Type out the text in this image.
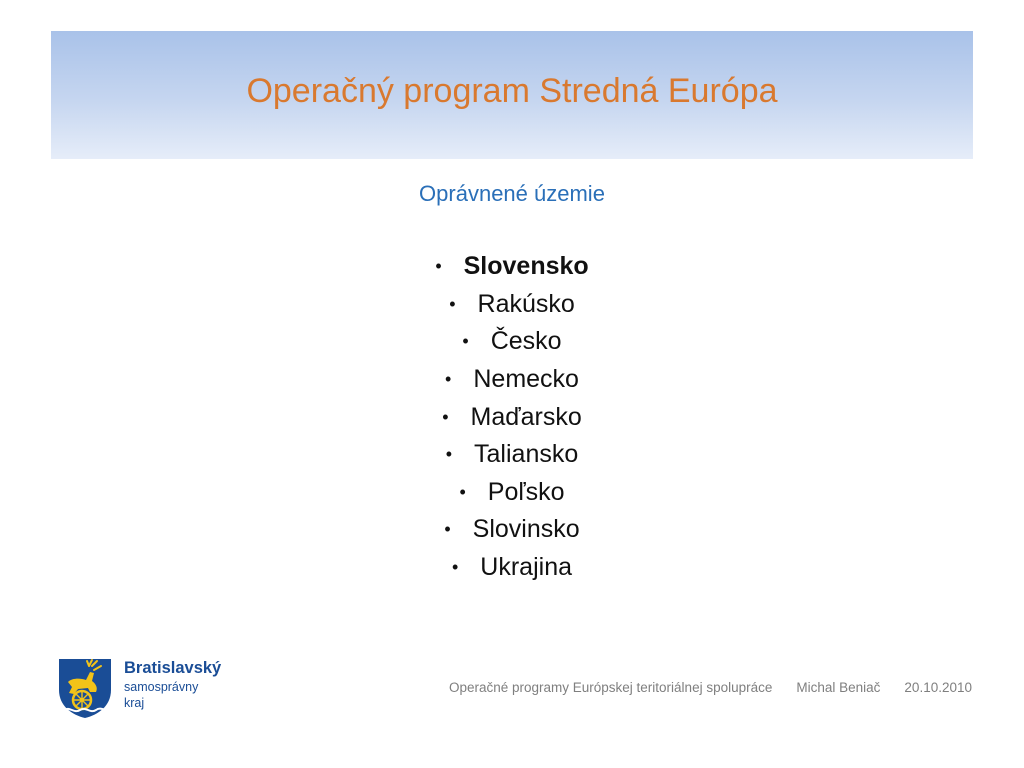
Operačný program Stredná Európa
Oprávnené územie
• Slovensko
• Rakúsko
• Česko
• Nemecko
• Maďarsko
• Taliansko
• Poľsko
• Slovinsko
• Ukrajina
Bratislavský
samosprávny
kraj
Operačné programy Európskej teritoriálnej spolupráce Michal Beniač 20.10.2010
